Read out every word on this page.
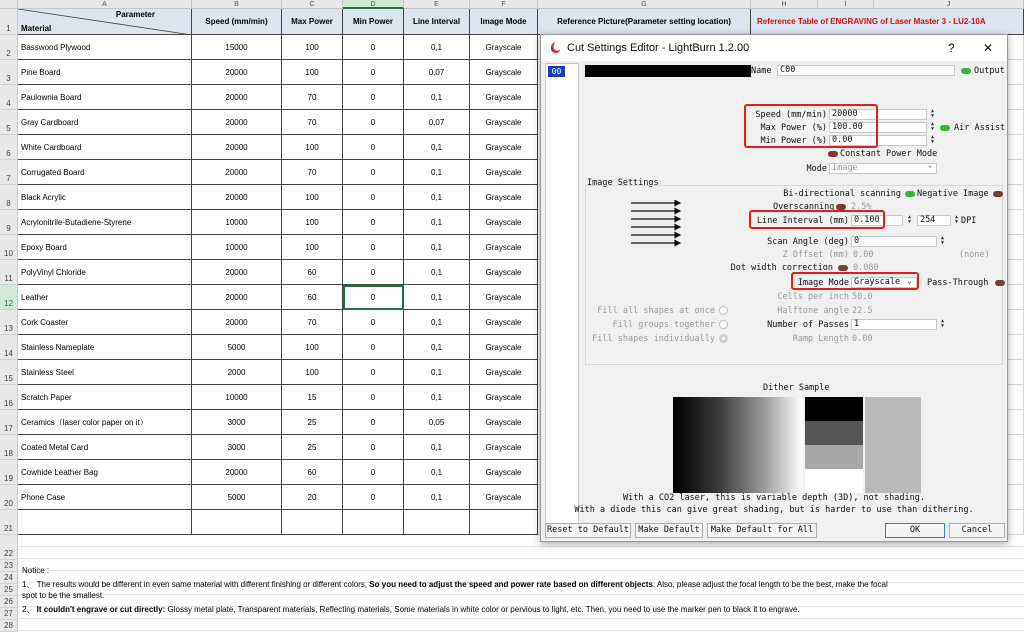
A	B	C	D	E	F	G	H	I	J
1
2
3
4
5
6
7
8
9
10
11
12
13
14
15
16
17
18
19
20
21
22
23
24
25
26
27
28
Parameter
Material
Speed (mm/min)	Max Power	Min Power	Line Interval	Image Mode	Reference Picture(Parameter setting location)	Reference Table of ENGRAVING of Laser Master 3 - LU2-10A
Basswood Plywood	15000	100	0	0,1	Grayscale
Pine Board	20000	100	0	0,07	Grayscale
Paulownia Board	20000	70	0	0,1	Grayscale
Gray Cardboard	20000	70	0	0,07	Grayscale
White Cardboard	20000	100	0	0,1	Grayscale
Corrugated Board	20000	70	0	0,1	Grayscale
Black Acrylic	20000	100	0	0,1	Grayscale
Acrylonitrile-Butadiene-Styrene	10000	100	0	0,1	Grayscale
Epoxy Board	10000	100	0	0,1	Grayscale
PolyVinyl Chloride	20000	60	0	0,1	Grayscale
Leather	20000	60	0	0,1	Grayscale
Cork Coaster	20000	70	0	0,1	Grayscale
Stainless Nameplate	5000	100	0	0,1	Grayscale
Stainless Steel	2000	100	0	0,1	Grayscale
Scratch Paper	10000	15	0	0,1	Grayscale
Ceramics（laser color paper on it）	3000	25	0	0,05	Grayscale
Coated Metal Card	3000	25	0	0,1	Grayscale
Cowhide Leather Bag	20000	60	0	0,1	Grayscale
Phone Case	5000	20	0	0,1	Grayscale
Notice :
1、 The results would be different in even same material with different finishing or different colors, So you need to adjust the speed and power rate based on different objects. Also, please adjust the focal length to be the best, make the focal
spot to be the smallest.
2、 It couldn't engrave or cut directly: Glossy metal plate, Transparent materials, Reflecting materials, Some materials in white color or pervious to light, etc. Then, you need to use the marker pen to black it to engrave.
Cut Settings Editor - LightBurn 1.2.00	? ✕
00	Name	C00	Output
Speed (mm/min) 20000	▲
▼
Max Power (%) 100.00	▲
▼
Min Power (%) 0.00	▲
▼
Air Assist
Constant Power Mode
Mode Image	▾
Image Settings
Bi-directional scanning Negative Image
Overscanning 2.5%
Line Interval (mm) 0.100	▲
▼	254	▲
▼ DPI
Scan Angle (deg) 0	▲
▼
Z Offset (mm) 0.00	(none)
Dot width correction 0.080
Image Mode Grayscale ⌄ Pass-Through
Cells per inch 50.0
Halftone angle 22.5
Number of Passes 1	▲
▼
Ramp Length 0.00
Fill all shapes at once
Fill groups together
Fill shapes individually
Dither Sample
With a CO2 laser, this is variable depth (3D), not shading.
With a diode this can give great shading, but is harder to use than dithering.
Reset to Default	Make Default	Make Default for All	OK	Cancel
